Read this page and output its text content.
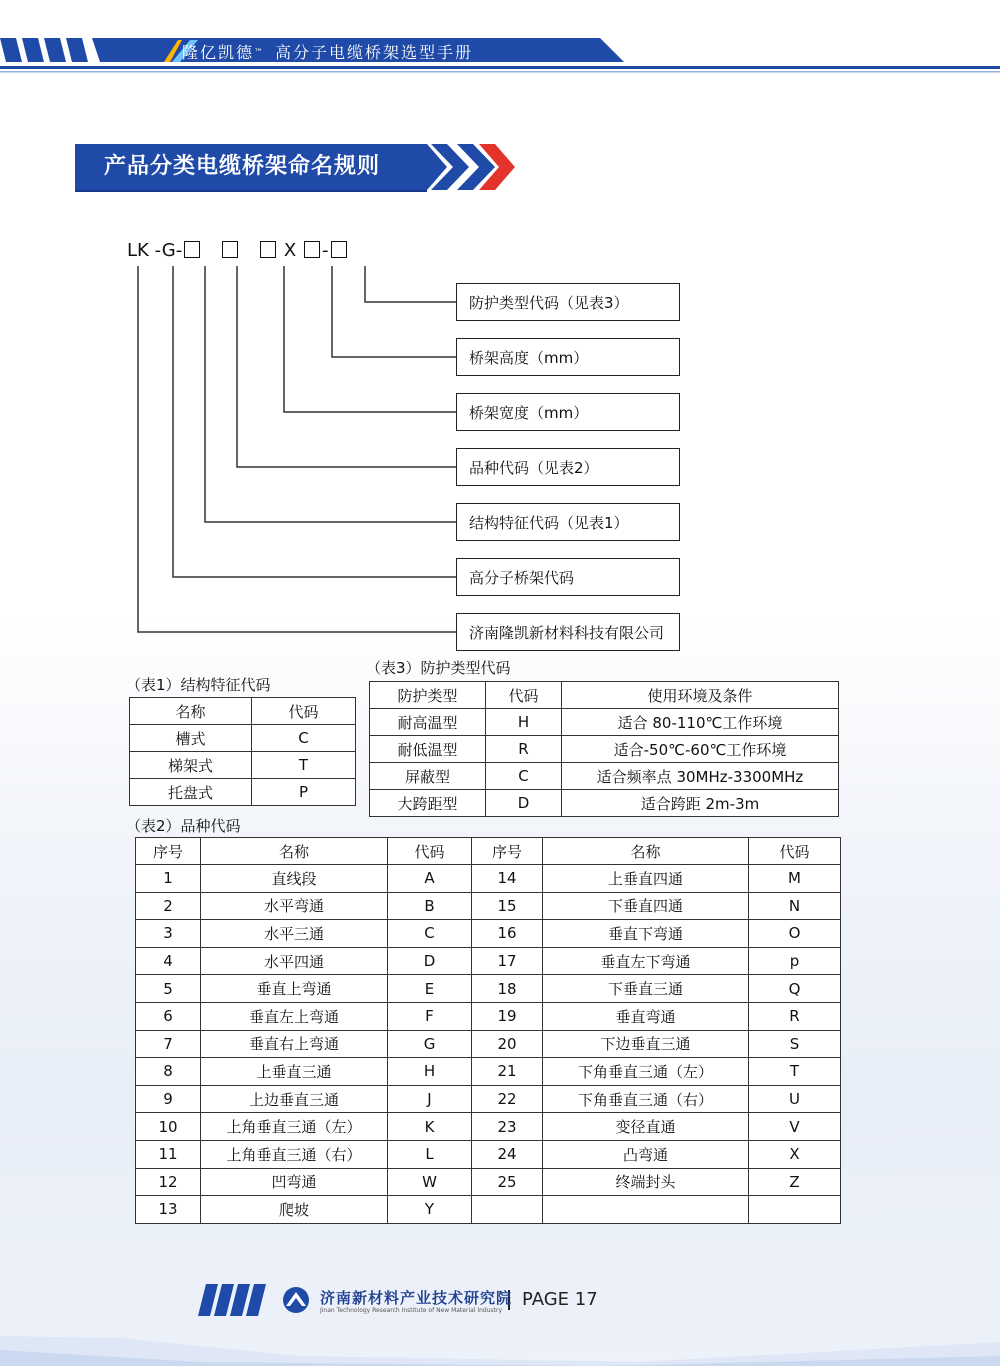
隆亿凯德™ 高分子电缆桥架选型手册
产品分类电缆桥架命名规则
LK -G-	X -
防护类型代码（见表3）
桥架高度（mm）
桥架宽度（mm）
品种代码（见表2）
结构特征代码（见表1）
高分子桥架代码
济南隆凯新材料科技有限公司
（表3）防护类型代码
防护类型	代码	使用环境及条件
耐高温型	H	适合 80-110℃工作环境
耐低温型	R	适合-50℃-60℃工作环境
屏蔽型	C	适合频率点 30MHz-3300MHz
大跨距型	D	适合跨距 2m-3m
（表1）结构特征代码
名称	代码
槽式	C
梯架式	T
托盘式	P
（表2）品种代码
序号	名称	代码	序号	名称	代码
1	直线段	A	14	上垂直四通	M
2	水平弯通	B	15	下垂直四通	N
3	水平三通	C	16	垂直下弯通	O
4	水平四通	D	17	垂直左下弯通	p
5	垂直上弯通	E	18	下垂直三通	Q
6	垂直左上弯通	F	19	垂直弯通	R
7	垂直右上弯通	G	20	下边垂直三通	S
8	上垂直三通	H	21	下角垂直三通（左）	T
9	上边垂直三通	J	22	下角垂直三通（右）	U
10	上角垂直三通（左）	K	23	变径直通	V
11	上角垂直三通（右）	L	24	凸弯通	X
12	凹弯通	W	25	终端封头	Z
13	爬坡	Y			
济南新材料产业技术研究院
Jinan Technology Research Institute of New Material Industry
PAGE 17
